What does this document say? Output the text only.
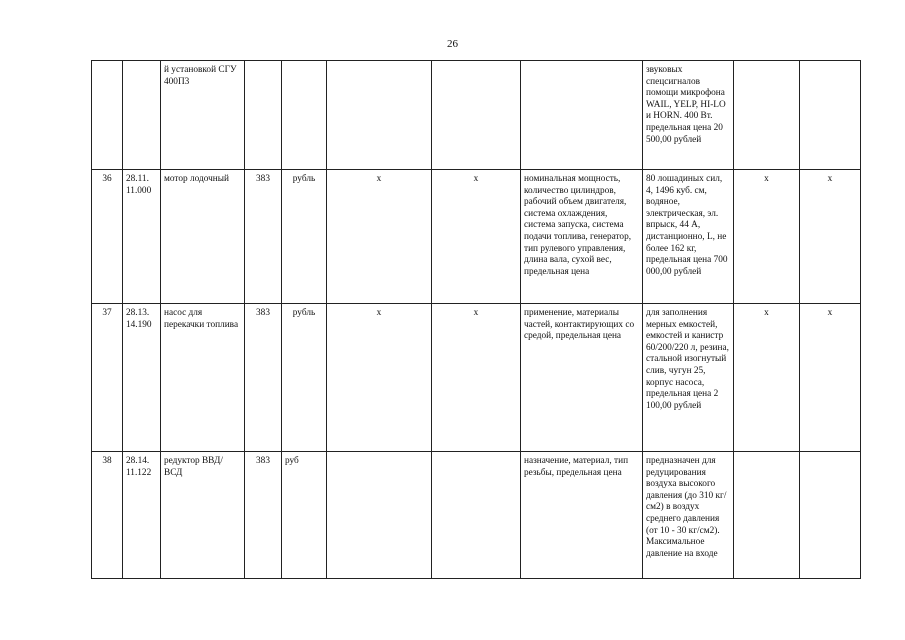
26
		й установкой СГУ 400П3						звуковых спецсигналов помощи микрофона WAIL, YELP, HI-LO и HORN. 400 Вт. предельная цена 20 500,00 рублей		
36	28.11. 11.000	мотор лодочный	383	рубль	х	х	номинальная мощность, количество цилиндров, рабочий объем двигателя, система охлаждения, система запуска, система подачи топлива, генератор, тип рулевого управления, длина вала, сухой вес, предельная цена	80 лошадиных сил, 4, 1496 куб. см, водяное, электрическая, эл. впрыск, 44 А, дистанционно, L, не более 162 кг, предельная цена 700 000,00 рублей	х	х
37	28.13. 14.190	насос для перекачки топлива	383	рубль	х	х	применение, материалы частей, контактирующих со средой, предельная цена	для заполнения мерных емкостей, емкостей и канистр 60/200/220 л, резина, стальной изогнутый слив, чугун 25, корпус насоса, предельная цена 2 100,00 рублей	х	х
38	28.14. 11.122	редуктор ВВД/ВСД	383	руб			назначение, материал, тип резьбы, предельная цена	предназначен для редуцирования воздуха высокого давления (до 310 кг/см2) в воздух среднего давления (от 10 - 30 кг/см2). Максимальное давление на входе		
